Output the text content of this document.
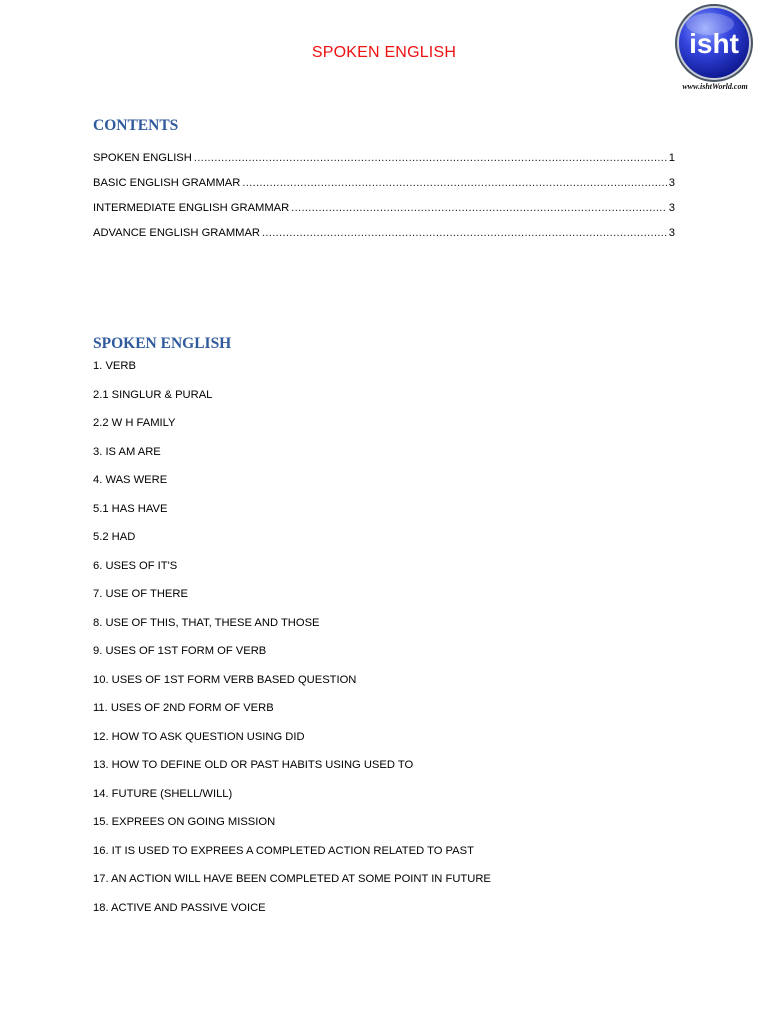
SPOKEN ENGLISH	isht
www.ishtWorld.com
CONTENTS
SPOKEN ENGLISH .....	1
BASIC ENGLISH GRAMMAR .....	3
INTERMEDIATE ENGLISH GRAMMAR .....	3
ADVANCE ENGLISH GRAMMAR .....	3
SPOKEN ENGLISH
1. VERB
2.1 SINGLUR & PURAL
2.2 W H FAMILY
3. IS AM ARE
4. WAS WERE
5.1 HAS HAVE
5.2 HAD
6. USES OF IT'S
7. USE OF THERE
8. USE OF THIS, THAT, THESE AND THOSE
9. USES OF 1ST FORM OF VERB
10. USES OF 1ST FORM VERB BASED QUESTION
11. USES OF 2ND FORM OF VERB
12. HOW TO ASK QUESTION USING DID
13. HOW TO DEFINE OLD OR PAST HABITS USING USED TO
14. FUTURE (SHELL/WILL)
15. EXPREES ON GOING MISSION
16. IT IS USED TO EXPREES A COMPLETED ACTION RELATED TO PAST
17. AN ACTION WILL HAVE BEEN COMPLETED AT SOME POINT IN FUTURE
18. ACTIVE AND PASSIVE VOICE
